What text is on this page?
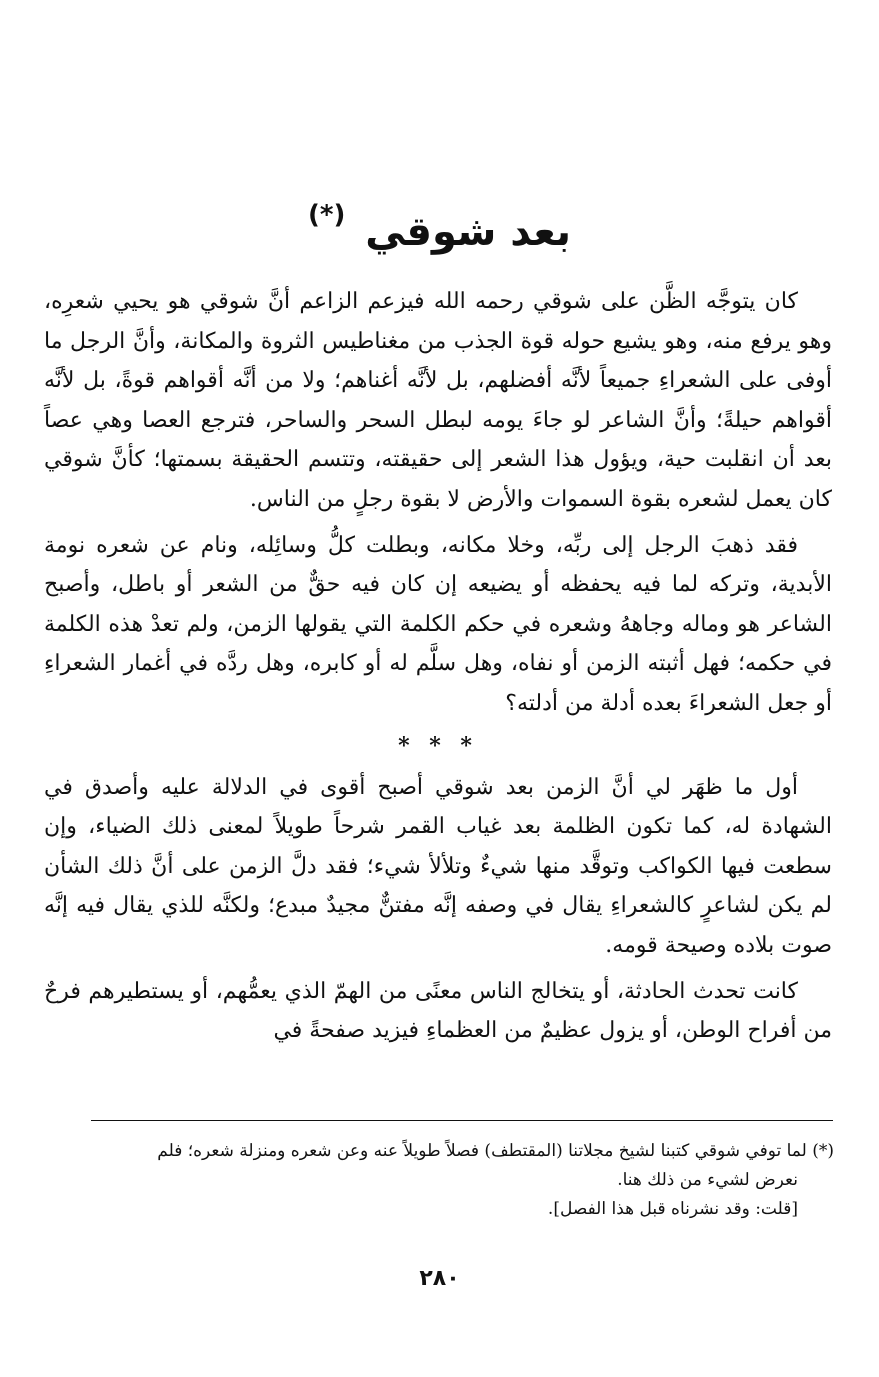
بعد شوقي (*)

كان يتوجَّه الظَّن على شوقي رحمه الله فيزعم الزاعم أنَّ شوقي هو يحيي شعرِه، وهو يرفع منه، وهو يشيع حوله قوة الجذب من مغناطيس الثروة والمكانة، وأنَّ الرجل ما أوفى على الشعراءِ جميعاً لأنَّه أفضلهم، بل لأنَّه أغناهم؛ ولا من أنَّه أقواهم قوةً، بل لأنَّه أقواهم حيلةً؛ وأنَّ الشاعر لو جاءَ يومه لبطل السحر والساحر، فترجع العصا وهي عصاً بعد أن انقلبت حية، ويؤول هذا الشعر إلى حقيقته، وتتسم الحقيقة بسمتها؛ كأنَّ شوقي كان يعمل لشعره بقوة السموات والأرض لا بقوة رجلٍ من الناس.

فقد ذهبَ الرجل إلى ربِّه، وخلا مكانه، وبطلت كلُّ وسائِله، ونام عن شعره نومة الأبدية، وتركه لما فيه يحفظه أو يضيعه إن كان فيه حقٌّ من الشعر أو باطل، وأصبح الشاعر هو وماله وجاههُ وشعره في حكم الكلمة التي يقولها الزمن، ولم تعدْ هذه الكلمة في حكمه؛ فهل أثبته الزمن أو نفاه، وهل سلَّم له أو كابره، وهل ردَّه في أغمار الشعراءِ أو جعل الشعراءَ بعده أدلة من أدلته؟

* * *

أول ما ظهَر لي أنَّ الزمن بعد شوقي أصبح أقوى في الدلالة عليه وأصدق في الشهادة له، كما تكون الظلمة بعد غياب القمر شرحاً طويلاً لمعنى ذلك الضياء، وإن سطعت فيها الكواكب وتوقَّد منها شيءٌ وتلألأ شيء؛ فقد دلَّ الزمن على أنَّ ذلك الشأن لم يكن لشاعرٍ كالشعراءِ يقال في وصفه إنَّه مفتنٌّ مجيدٌ مبدع؛ ولكنَّه للذي يقال فيه إنَّه صوت بلاده وصيحة قومه.

كانت تحدث الحادثة، أو يتخالج الناس معنًى من الهمّ الذي يعمُّهم، أو يستطيرهم فرحٌ من أفراح الوطن، أو يزول عظيمٌ من العظماءِ فيزيد صفحةً في

(*) لما توفي شوقي كتبنا لشيخ مجلاتنا (المقتطف) فصلاً طويلاً عنه وعن شعره ومنزلة شعره؛ فلم

نعرض لشيء من ذلك هنا.

[قلت: وقد نشرناه قبل هذا الفصل].

٢٨٠
